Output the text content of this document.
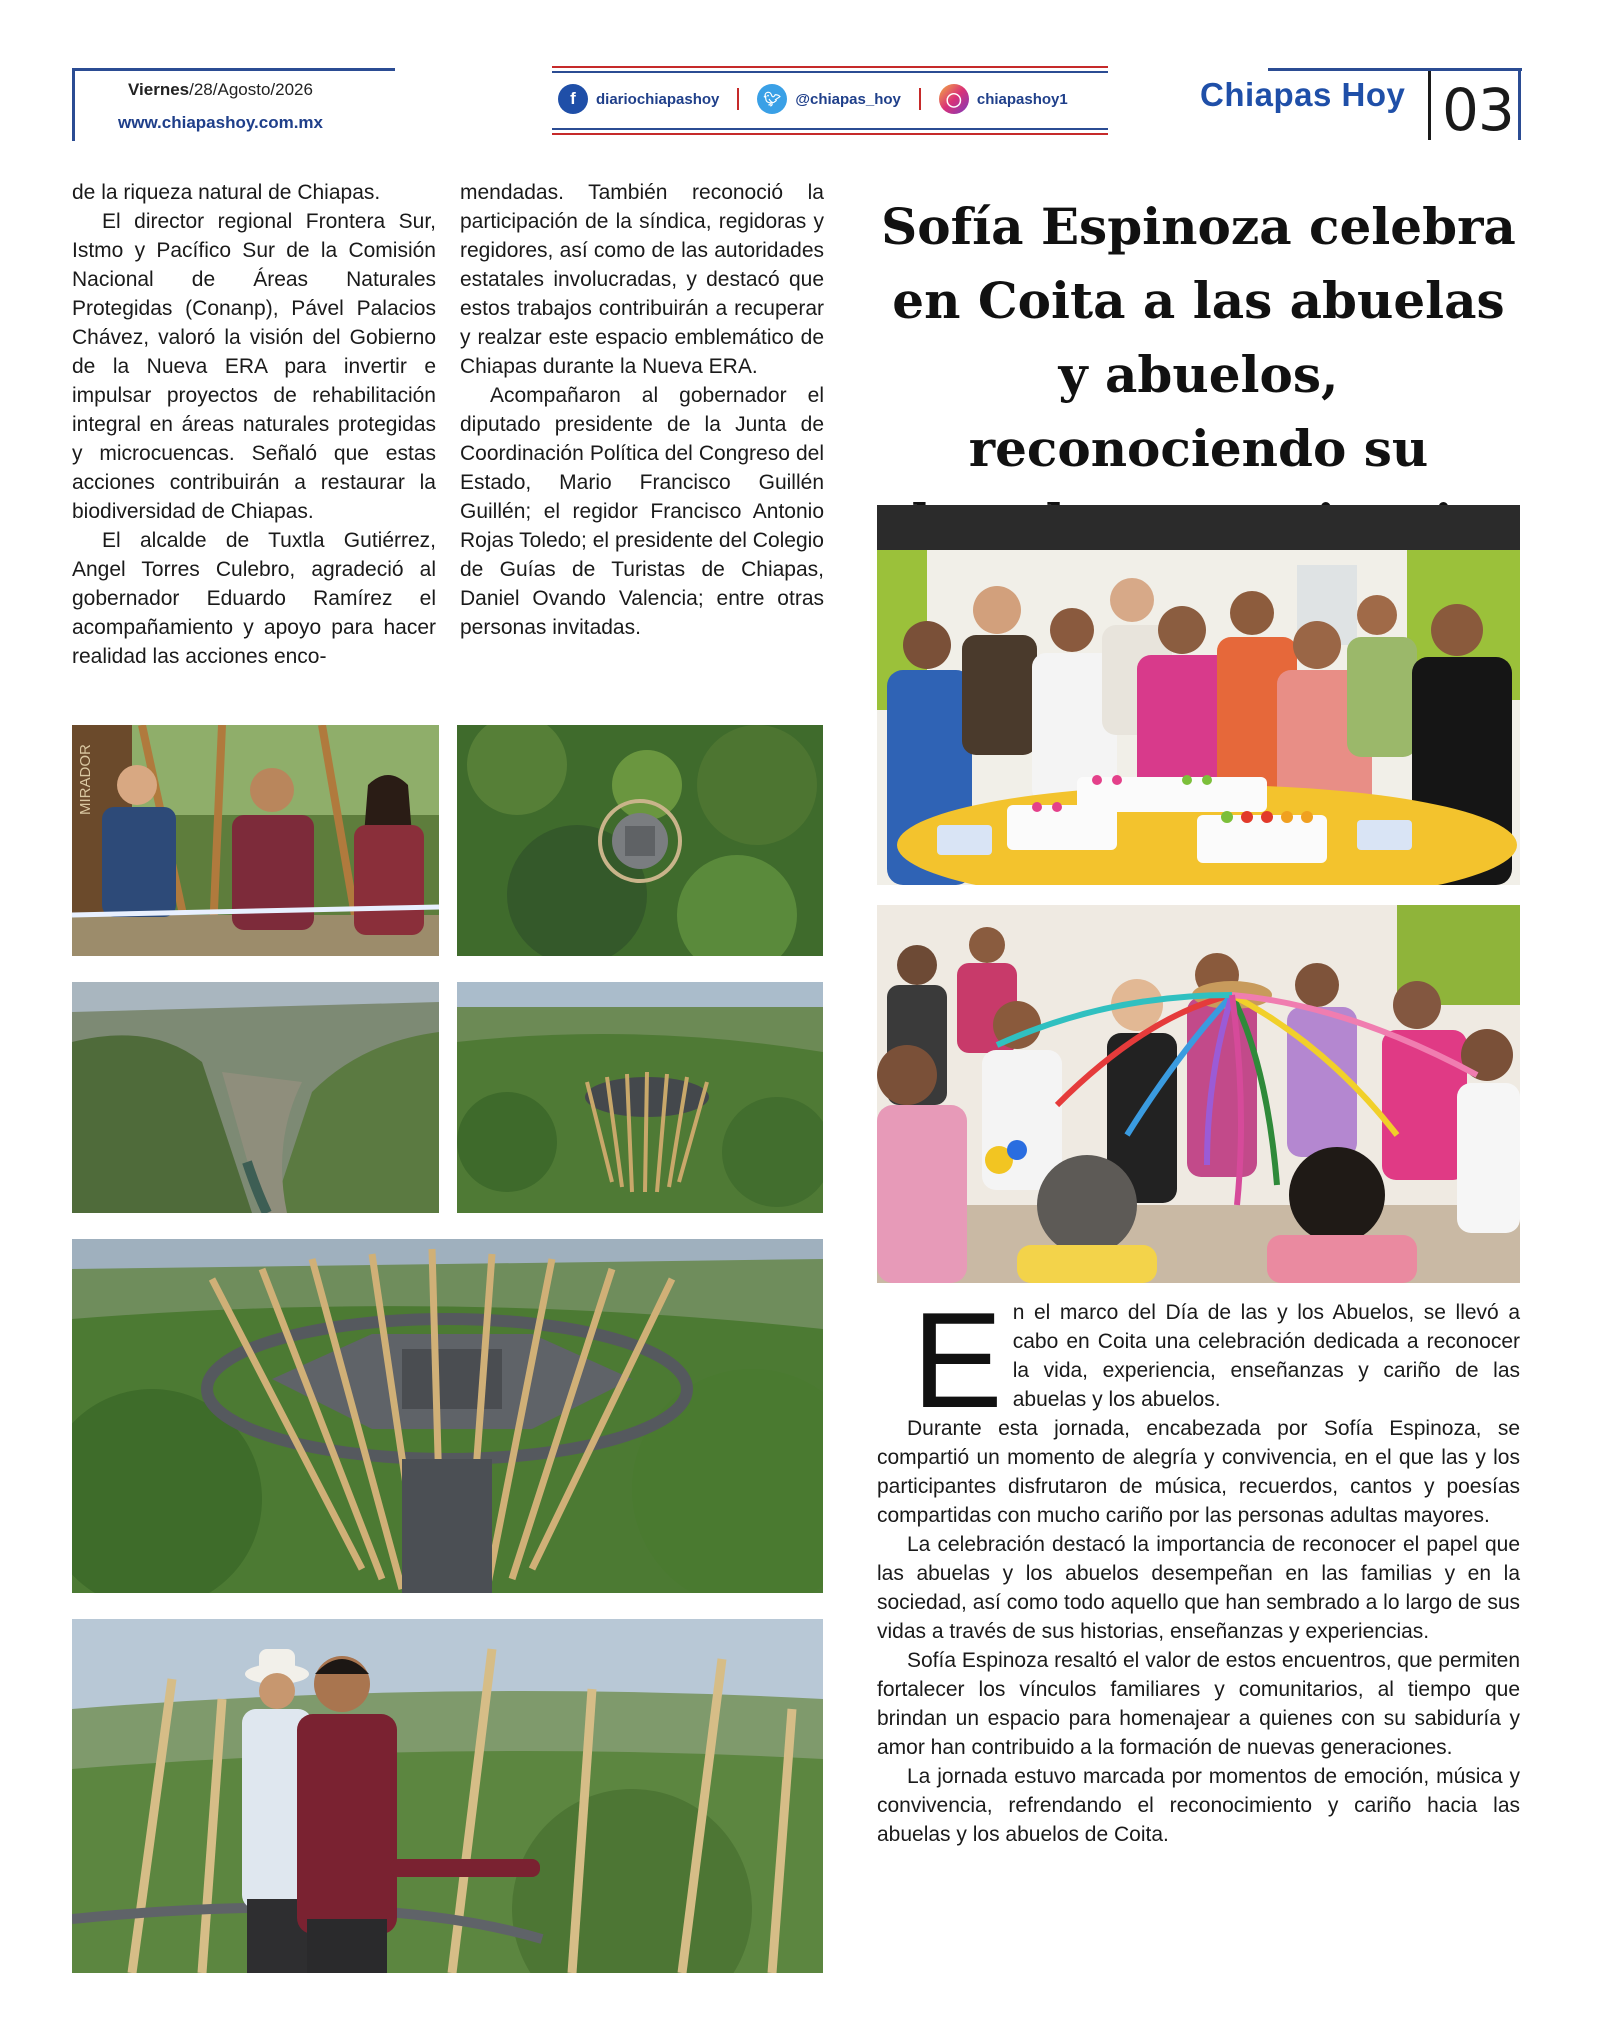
Viernes/28/Agosto/2026
www.chiapashoy.com.mx
f	diariochiapashoy	🐦︎ @chiapas_hoy	◯	chiapashoy1	Chiapas Hoy 03

de la riqueza natural de Chiapas.

El director regional Frontera Sur, Istmo y Pacífico Sur de la Comisión Nacional de Áreas Naturales Protegidas (Conanp), Pável Palacios Chávez, valoró la visión del Gobierno de la Nueva ERA para invertir e impulsar proyectos de rehabilitación integral en áreas naturales protegidas y microcuencas. Señaló que estas acciones contribuirán a restaurar la biodiversidad de Chiapas.

El alcalde de Tuxtla Gutiérrez, Angel Torres Culebro, agradeció al gobernador Eduardo Ramírez el acompañamiento y apoyo para hacer realidad las acciones enco-

mendadas. También reconoció la participación de la síndica, regidoras y regidores, así como de las autoridades estatales involucradas, y destacó que estos trabajos contribuirán a recuperar y realzar este espacio emblemático de Chiapas durante la Nueva ERA.

Acompañaron al gobernador el diputado presidente de la Junta de Coordinación Política del Congreso del Estado, Mario Francisco Guillén Guillén; el regidor Francisco Antonio Rojas Toledo; el presidente del Colegio de Guías de Turistas de Chiapas, Daniel Ovando Valencia; entre otras personas invitadas.

MIRADOR
Sofía Espinoza celebra en Coita a las abuelas y abuelos, reconociendo su

En el marco del Día de las y los Abuelos, se llevó a cabo en Coita una celebración dedicada a reconocer la vida, experiencia, enseñanzas y cariño de las abuelas y los abuelos.

Durante esta jornada, encabezada por Sofía Espinoza, se compartió un momento de alegría y convivencia, en el que las y los participantes disfrutaron de música, recuerdos, cantos y poesías compartidas con mucho cariño por las personas adultas mayores.

La celebración destacó la importancia de reconocer el papel que las abuelas y los abuelos desempeñan en las familias y en la sociedad, así como todo aquello que han sembrado a lo largo de sus vidas a través de sus historias, enseñanzas y experiencias.

Sofía Espinoza resaltó el valor de estos encuentros, que permiten fortalecer los vínculos familiares y comunitarios, al tiempo que brindan un espacio para homenajear a quienes con su sabiduría y amor han contribuido a la formación de nuevas generaciones.

La jornada estuvo marcada por momentos de emoción, música y convivencia, refrendando el reconocimiento y cariño hacia las abuelas y los abuelos de Coita.
